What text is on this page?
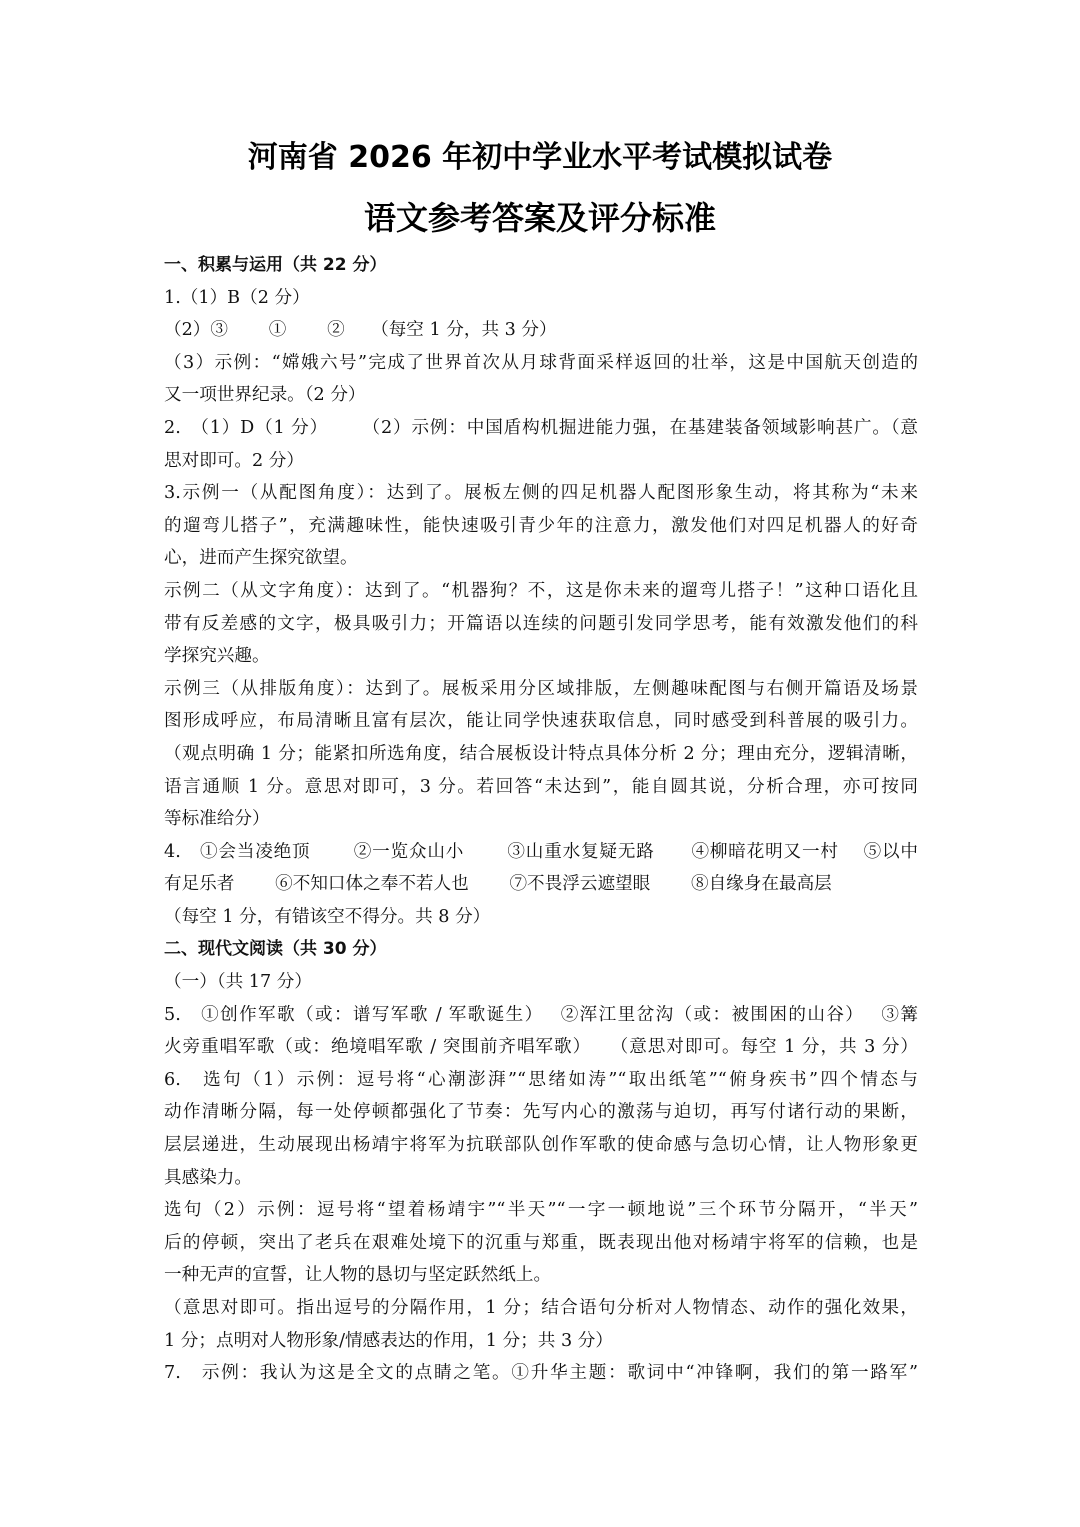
河南省 2026 年初中学业水平考试模拟试卷
语文参考答案及评分标准
一、积累与运用（共 22 分）
1.（1）B（2 分）
（2）③　　 ①　　 ②　　（每空 1 分，共 3 分）
（3）示例：“嫦娥六号”完成了世界首次从月球背面采样返回的壮举，这是中国航天创造的
又一项世界纪录。（2 分）
2.　（1）D（1 分）　　 （2）示例：中国盾构机掘进能力强，在基建装备领域影响甚广。（意
思对即可。2 分）
3.示例一（从配图角度）：达到了。展板左侧的四足机器人配图形象生动，将其称为“未来
的遛弯儿搭子”，充满趣味性，能快速吸引青少年的注意力，激发他们对四足机器人的好奇
心，进而产生探究欲望。
示例二（从文字角度）：达到了。“机器狗？不，这是你未来的遛弯儿搭子！”这种口语化且
带有反差感的文字，极具吸引力；开篇语以连续的问题引发同学思考，能有效激发他们的科
学探究兴趣。
示例三（从排版角度）：达到了。展板采用分区域排版，左侧趣味配图与右侧开篇语及场景
图形成呼应，布局清晰且富有层次，能让同学快速获取信息，同时感受到科普展的吸引力。
（观点明确 1 分；能紧扣所选角度，结合展板设计特点具体分析 2 分；理由充分，逻辑清晰，
语言通顺 1 分。意思对即可，3 分。若回答“未达到”，能自圆其说，分析合理，亦可按同
等标准给分）
4.　①会当凌绝顶　　 ②一览众山小　　 ③山重水复疑无路　　④柳暗花明又一村　 ⑤以中
有足乐者　　 ⑥不知口体之奉不若人也　　 ⑦不畏浮云遮望眼　　 ⑧自缘身在最高层
（每空 1 分，有错该空不得分。共 8 分）
二、现代文阅读（共 30 分）
（一）（共 17 分）
5.　①创作军歌（或：谱写军歌 / 军歌诞生）　 ②浑江里岔沟（或：被围困的山谷）　 ③篝
火旁重唱军歌（或：绝境唱军歌 / 突围前齐唱军歌）　　（意思对即可。每空 1 分，共 3 分）
6.　选句（1）示例：逗号将“心潮澎湃”“思绪如涛”“取出纸笔”“俯身疾书”四个情态与
动作清晰分隔，每一处停顿都强化了节奏：先写内心的激荡与迫切，再写付诸行动的果断，
层层递进，生动展现出杨靖宇将军为抗联部队创作军歌的使命感与急切心情，让人物形象更
具感染力。
选句（2）示例：逗号将“望着杨靖宇”“半天”“一字一顿地说”三个环节分隔开，“半天”
后的停顿，突出了老兵在艰难处境下的沉重与郑重，既表现出他对杨靖宇将军的信赖，也是
一种无声的宣誓，让人物的恳切与坚定跃然纸上。
（意思对即可。指出逗号的分隔作用，1 分；结合语句分析对人物情态、动作的强化效果，
1 分；点明对人物形象/情感表达的作用，1 分；共 3 分）
7.　示例：我认为这是全文的点睛之笔。①升华主题：歌词中“冲锋啊，我们的第一路军”
